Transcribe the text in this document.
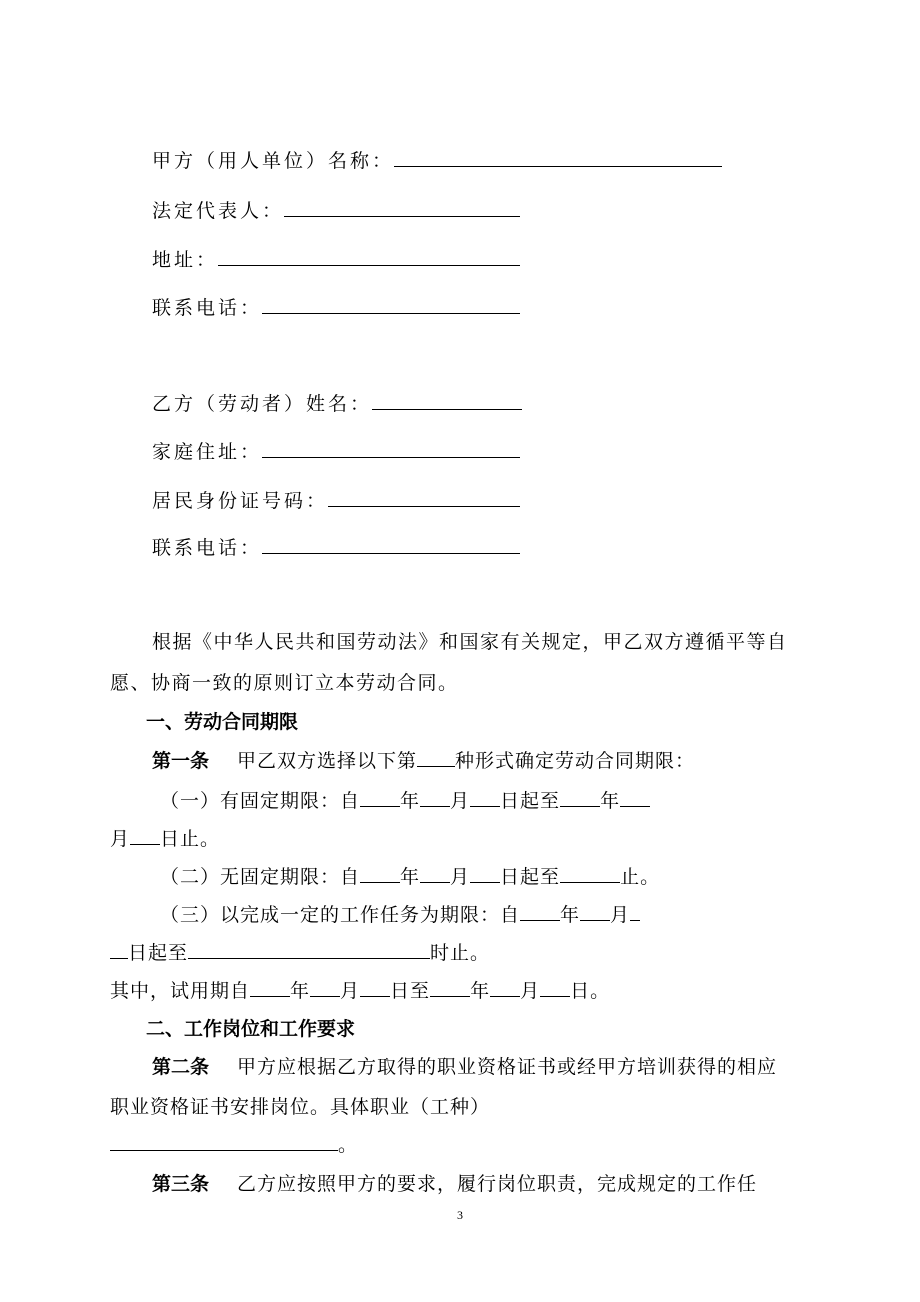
甲方（用人单位）名称：
法定代表人：
地址：
联系电话：
乙方（劳动者）姓名：
家庭住址：
居民身份证号码：
联系电话：
根据《中华人民共和国劳动法》和国家有关规定，甲乙双方遵循平等自
愿、协商一致的原则订立本劳动合同。
一、劳动合同期限
第一条 甲乙双方选择以下第 种形式确定劳动合同期限：
（一）有固定期限：自 年 月 日起至 年
月 日止。
（二）无固定期限：自 年 月 日起至	止。
（三）以完成一定的工作任务为期限：自 年 月
日起至	时止。
其中，试用期自 年 月 日至 年 月 日。
二、工作岗位和工作要求
第二条 甲方应根据乙方取得的职业资格证书或经甲方培训获得的相应
职业资格证书安排岗位。具体职业（工种）
。
第三条 乙方应按照甲方的要求，履行岗位职责，完成规定的工作任
3
